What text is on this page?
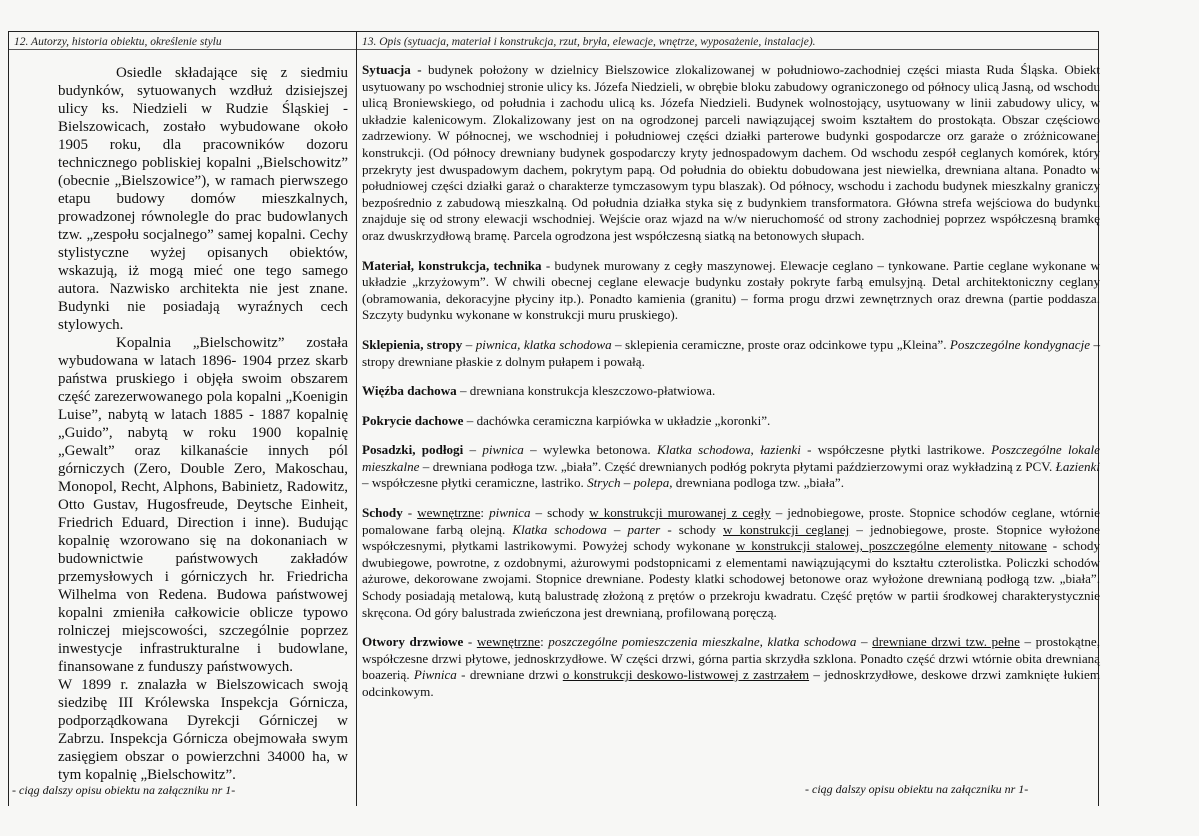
12. Autorzy, historia obiektu, określenie stylu	13. Opis (sytuacja, materiał i konstrukcja, rzut, bryła, elewacje, wnętrze, wyposażenie, instalacje).

Osiedle składające się z siedmiu budynków, sytuowanych wzdłuż dzisiejszej ulicy ks. Niedzieli w Rudzie Śląskiej - Bielszowicach, zostało wybudowane około 1905 roku, dla pracowników dozoru technicznego pobliskiej kopalni „Bielschowitz” (obecnie „Bielszowice”), w ramach pierwszego etapu budowy domów mieszkalnych, prowadzonej równolegle do prac budowlanych tzw. „zespołu socjalnego” samej kopalni. Cechy stylistyczne wyżej opisanych obiektów, wskazują, iż mogą mieć one tego samego autora. Nazwisko architekta nie jest znane. Budynki nie posiadają wyraźnych cech stylowych.

Kopalnia „Bielschowitz” została wybudowana w latach 1896- 1904 przez skarb państwa pruskiego i objęła swoim obszarem część zarezerwowanego pola kopalni „Koenigin Luise”, nabytą w latach 1885 - 1887 kopalnię „Guido”, nabytą w roku 1900 kopalnię „Gewalt” oraz kilkanaście innych pól górniczych (Zero, Double Zero, Makoschau, Monopol, Recht, Alphons, Babinietz, Radowitz, Otto Gustav, Hugosfreude, Deytsche Einheit, Friedrich Eduard, Direction i inne). Budując kopalnię wzorowano się na dokonaniach w budownictwie państwowych zakładów przemysłowych i górniczych hr. Friedricha Wilhelma von Redena. Budowa państwowej kopalni zmieniła całkowicie oblicze typowo rolniczej miejscowości, szczególnie poprzez inwestycje infrastrukturalne i budowlane, finansowane z funduszy państwowych.

W 1899 r. znalazła w Bielszowicach swoją siedzibę III Królewska Inspekcja Górnicza, podporządkowana Dyrekcji Górniczej w Zabrzu. Inspekcja Górnicza obejmowała swym zasięgiem obszar o powierzchni 34000 ha, w tym kopalnię „Bielschowitz”.

- ciąg dalszy opisu obiektu na załączniku nr 1-

Sytuacja - budynek położony w dzielnicy Bielszowice zlokalizowanej w południowo-zachodniej części miasta Ruda Śląska. Obiekt usytuowany po wschodniej stronie ulicy ks. Józefa Niedzieli, w obrębie bloku zabudowy ograniczonego od północy ulicą Jasną, od wschodu ulicą Broniewskiego, od południa i zachodu ulicą ks. Józefa Niedzieli. Budynek wolnostojący, usytuowany w linii zabudowy ulicy, w układzie kalenicowym. Zlokalizowany jest on na ogrodzonej parceli nawiązującej swoim kształtem do prostokąta. Obszar częściowo zadrzewiony. W północnej, we wschodniej i południowej części działki parterowe budynki gospodarcze orz garaże o zróżnicowanej konstrukcji. (Od północy drewniany budynek gospodarczy kryty jednospadowym dachem. Od wschodu zespół ceglanych komórek, który przekryty jest dwuspadowym dachem, pokrytym papą. Od południa do obiektu dobudowana jest niewielka, drewniana altana. Ponadto w południowej części działki garaż o charakterze tymczasowym typu blaszak). Od północy, wschodu i zachodu budynek mieszkalny graniczy bezpośrednio z zabudową mieszkalną. Od południa działka styka się z budynkiem transformatora. Główna strefa wejściowa do budynku znajduje się od strony elewacji wschodniej. Wejście oraz wjazd na w/w nieruchomość od strony zachodniej poprzez współczesną bramkę oraz dwuskrzydłową bramę. Parcela ogrodzona jest współczesną siatką na betonowych słupach.

Materiał, konstrukcja, technika - budynek murowany z cegły maszynowej. Elewacje ceglano – tynkowane. Partie ceglane wykonane w układzie „krzyżowym”. W chwili obecnej ceglane elewacje budynku zostały pokryte farbą emulsyjną. Detal architektoniczny ceglany (obramowania, dekoracyjne płyciny itp.). Ponadto kamienia (granitu) – forma progu drzwi zewnętrznych oraz drewna (partie poddasza. Szczyty budynku wykonane w konstrukcji muru pruskiego).

Sklepienia, stropy – piwnica, klatka schodowa – sklepienia ceramiczne, proste oraz odcinkowe typu „Kleina”. Poszczególne kondygnacje – stropy drewniane płaskie z dolnym pułapem i powałą.

Więźba dachowa – drewniana konstrukcja kleszczowo-płatwiowa.

Pokrycie dachowe – dachówka ceramiczna karpiówka w układzie „koronki”.

Posadzki, podłogi – piwnica – wylewka betonowa. Klatka schodowa, łazienki - współczesne płytki lastrikowe. Poszczególne lokale mieszkalne – drewniana podłoga tzw. „biała”. Część drewnianych podłóg pokryta płytami paździerzowymi oraz wykładziną z PCV. Łazienki – współczesne płytki ceramiczne, lastriko. Strych – polepa, drewniana podloga tzw. „biała”.

Schody - wewnętrzne: piwnica – schody w konstrukcji murowanej z cegły – jednobiegowe, proste. Stopnice schodów ceglane, wtórnie pomalowane farbą olejną. Klatka schodowa – parter - schody w konstrukcji ceglanej – jednobiegowe, proste. Stopnice wyłożone współczesnymi, płytkami lastrikowymi. Powyżej schody wykonane w konstrukcji stalowej, poszczególne elementy nitowane - schody dwubiegowe, powrotne, z ozdobnymi, ażurowymi podstopnicami z elementami nawiązującymi do kształtu czterolistka. Policzki schodów ażurowe, dekorowane zwojami. Stopnice drewniane. Podesty klatki schodowej betonowe oraz wyłożone drewnianą podłogą tzw. „biała”. Schody posiadają metalową, kutą balustradę złożoną z prętów o przekroju kwadratu. Część prętów w partii środkowej charakterystycznie skręcona. Od góry balustrada zwieńczona jest drewnianą, profilowaną poręczą.

Otwory drzwiowe - wewnętrzne: poszczególne pomieszczenia mieszkalne, klatka schodowa – drewniane drzwi tzw. pełne – prostokątne, współczesne drzwi płytowe, jednoskrzydłowe. W części drzwi, górna partia skrzydła szklona. Ponadto część drzwi wtórnie obita drewnianą boazerią. Piwnica - drewniane drzwi o konstrukcji deskowo-listwowej z zastrzałem – jednoskrzydłowe, deskowe drzwi zamknięte łukiem odcinkowym.

- ciąg dalszy opisu obiektu na załączniku nr 1-
